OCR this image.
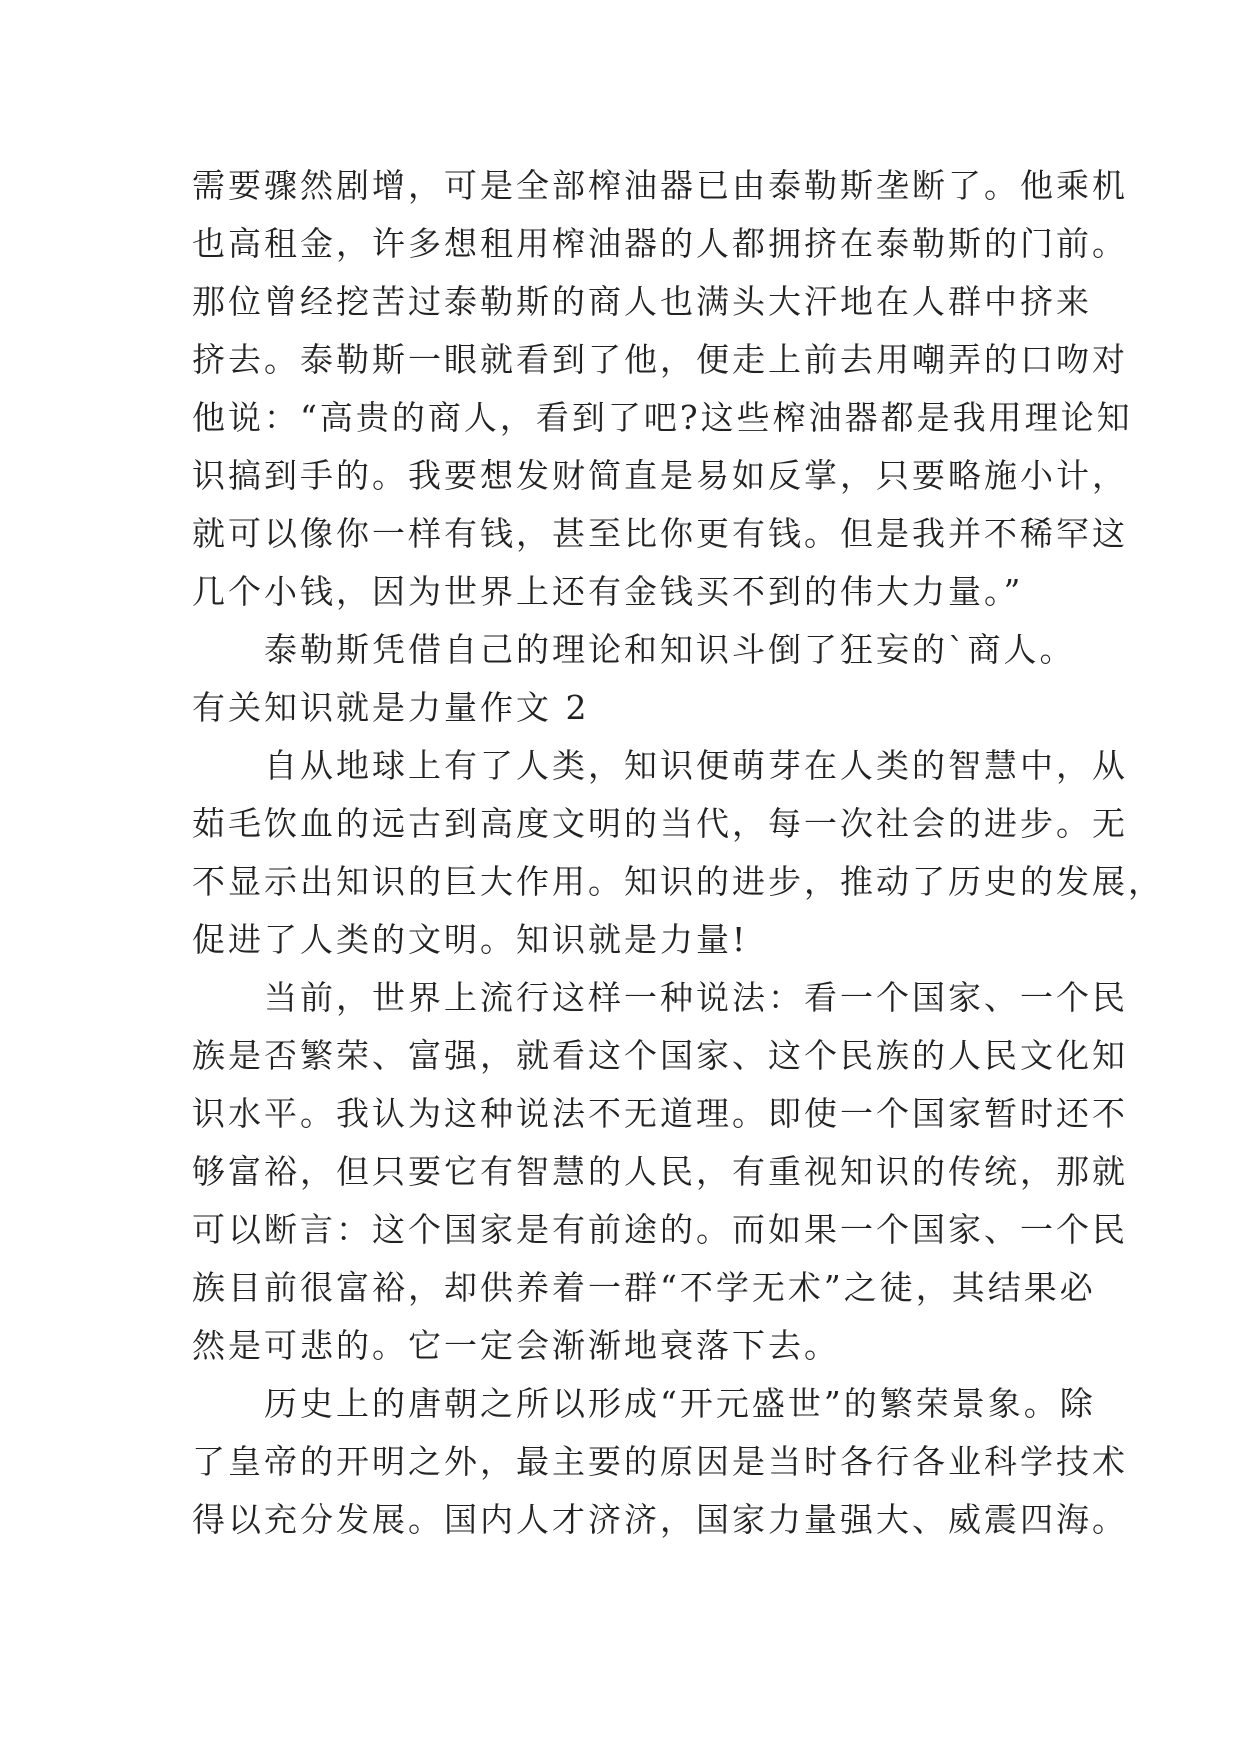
需要骤然剧增，可是全部榨油器已由泰勒斯垄断了。他乘机

也高租金，许多想租用榨油器的人都拥挤在泰勒斯的门前。

那位曾经挖苦过泰勒斯的商人也满头大汗地在人群中挤来

挤去。泰勒斯一眼就看到了他，便走上前去用嘲弄的口吻对

他说：“高贵的商人，看到了吧?这些榨油器都是我用理论知

识搞到手的。我要想发财简直是易如反掌，只要略施小计，

就可以像你一样有钱，甚至比你更有钱。但是我并不稀罕这

几个小钱，因为世界上还有金钱买不到的伟大力量。”

　　泰勒斯凭借自己的理论和知识斗倒了狂妄的`商人。

有关知识就是力量作文 2

　　自从地球上有了人类，知识便萌芽在人类的智慧中，从

茹毛饮血的远古到高度文明的当代，每一次社会的进步。无

不显示出知识的巨大作用。知识的进步，推动了历史的发展，

促进了人类的文明。知识就是力量!

　　当前，世界上流行这样一种说法：看一个国家、一个民

族是否繁荣、富强，就看这个国家、这个民族的人民文化知

识水平。我认为这种说法不无道理。即使一个国家暂时还不

够富裕，但只要它有智慧的人民，有重视知识的传统，那就

可以断言：这个国家是有前途的。而如果一个国家、一个民

族目前很富裕，却供养着一群“不学无术”之徒，其结果必

然是可悲的。它一定会渐渐地衰落下去。

　　历史上的唐朝之所以形成“开元盛世”的繁荣景象。除

了皇帝的开明之外，最主要的原因是当时各行各业科学技术

得以充分发展。国内人才济济，国家力量强大、威震四海。
